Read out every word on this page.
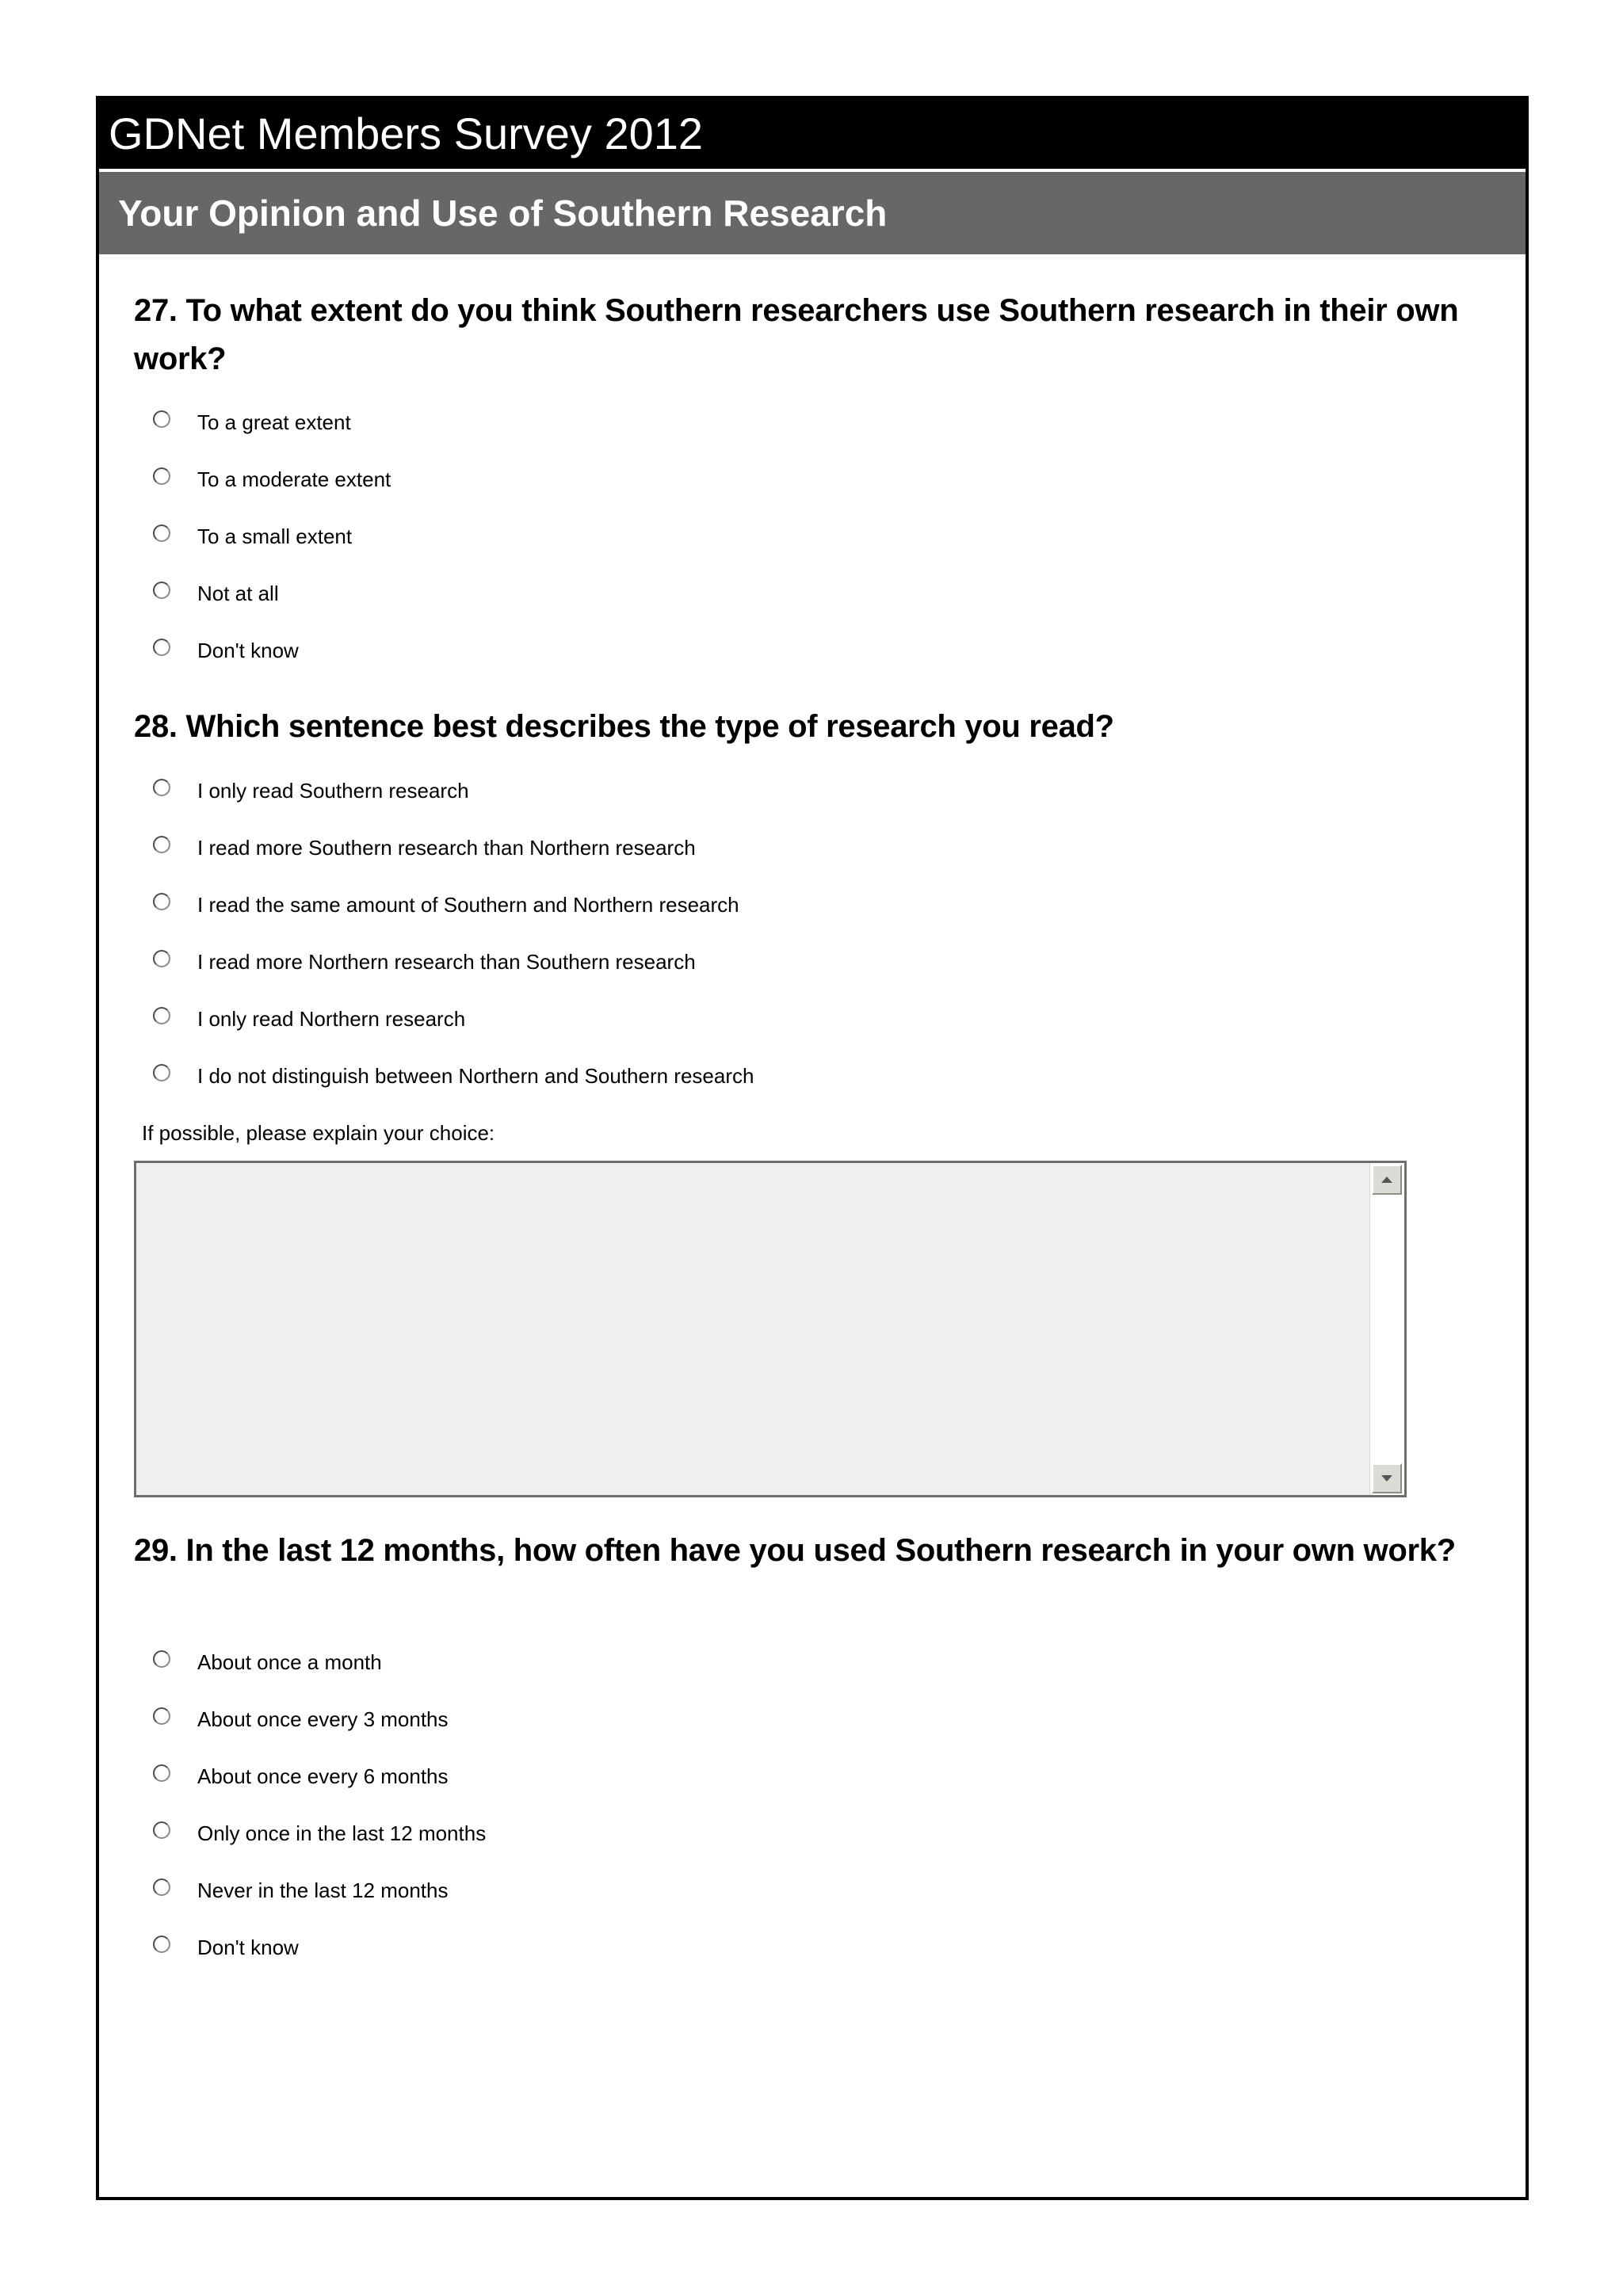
GDNet Members Survey 2012
Your Opinion and Use of Southern Research
27. To what extent do you think Southern researchers use Southern research in their own work?
To a great extent
To a moderate extent
To a small extent
Not at all
Don't know
28. Which sentence best describes the type of research you read?
I only read Southern research
I read more Southern research than Northern research
I read the same amount of Southern and Northern research
I read more Northern research than Southern research
I only read Northern research
I do not distinguish between Northern and Southern research
If possible, please explain your choice:
29. In the last 12 months, how often have you used Southern research in your own work?
About once a month
About once every 3 months
About once every 6 months
Only once in the last 12 months
Never in the last 12 months
Don't know
